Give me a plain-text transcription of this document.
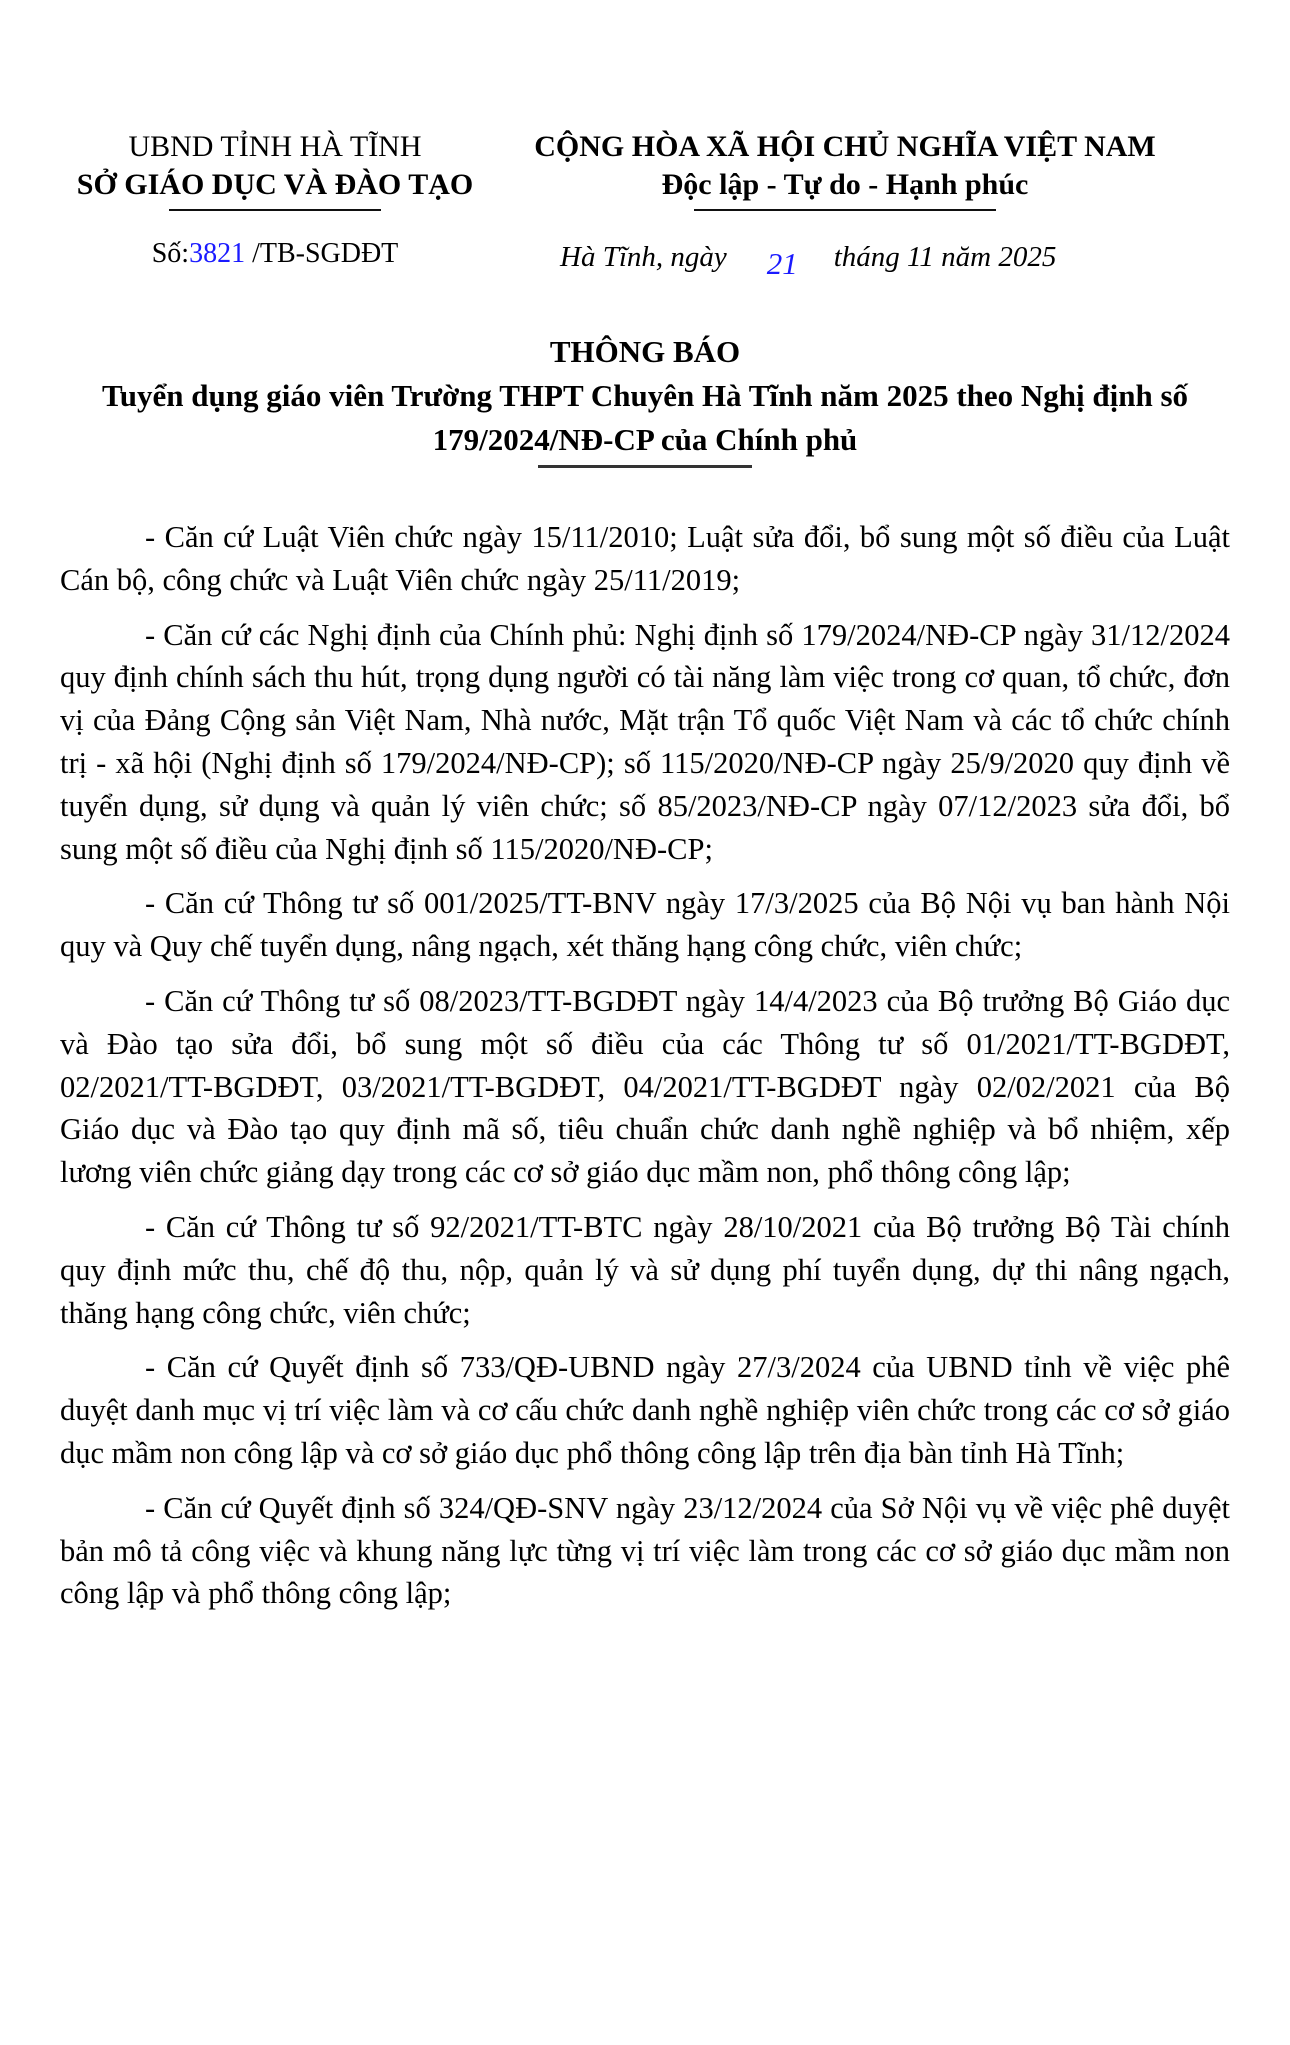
UBND TỈNH HÀ TĨNH
SỞ GIÁO DỤC VÀ ĐÀO TẠO
CỘNG HÒA XÃ HỘI CHỦ NGHĨA VIỆT NAM
Độc lập - Tự do - Hạnh phúc
Số:3821 /TB-SGDĐT	Hà Tĩnh, ngày 21 tháng 11 năm 2025
THÔNG BÁO
Tuyển dụng giáo viên Trường THPT Chuyên Hà Tĩnh năm 2025 theo Nghị định số 179/2024/NĐ-CP của Chính phủ

- Căn cứ Luật Viên chức ngày 15/11/2010; Luật sửa đổi, bổ sung một số điều của Luật Cán bộ, công chức và Luật Viên chức ngày 25/11/2019;

- Căn cứ các Nghị định của Chính phủ: Nghị định số 179/2024/NĐ-CP ngày 31/12/2024 quy định chính sách thu hút, trọng dụng người có tài năng làm việc trong cơ quan, tổ chức, đơn vị của Đảng Cộng sản Việt Nam, Nhà nước, Mặt trận Tổ quốc Việt Nam và các tổ chức chính trị - xã hội (Nghị định số 179/2024/NĐ-CP); số 115/2020/NĐ-CP ngày 25/9/2020 quy định về tuyển dụng, sử dụng và quản lý viên chức; số 85/2023/NĐ-CP ngày 07/12/2023 sửa đổi, bổ sung một số điều của Nghị định số 115/2020/NĐ-CP;

- Căn cứ Thông tư số 001/2025/TT-BNV ngày 17/3/2025 của Bộ Nội vụ ban hành Nội quy và Quy chế tuyển dụng, nâng ngạch, xét thăng hạng công chức, viên chức;

- Căn cứ Thông tư số 08/2023/TT-BGDĐT ngày 14/4/2023 của Bộ trưởng Bộ Giáo dục và Đào tạo sửa đổi, bổ sung một số điều của các Thông tư số 01/2021/TT-BGDĐT, 02/2021/TT-BGDĐT, 03/2021/TT-BGDĐT, 04/2021/TT-BGDĐT ngày 02/02/2021 của Bộ Giáo dục và Đào tạo quy định mã số, tiêu chuẩn chức danh nghề nghiệp và bổ nhiệm, xếp lương viên chức giảng dạy trong các cơ sở giáo dục mầm non, phổ thông công lập;

- Căn cứ Thông tư số 92/2021/TT-BTC ngày 28/10/2021 của Bộ trưởng Bộ Tài chính quy định mức thu, chế độ thu, nộp, quản lý và sử dụng phí tuyển dụng, dự thi nâng ngạch, thăng hạng công chức, viên chức;

- Căn cứ Quyết định số 733/QĐ-UBND ngày 27/3/2024 của UBND tỉnh về việc phê duyệt danh mục vị trí việc làm và cơ cấu chức danh nghề nghiệp viên chức trong các cơ sở giáo dục mầm non công lập và cơ sở giáo dục phổ thông công lập trên địa bàn tỉnh Hà Tĩnh;

- Căn cứ Quyết định số 324/QĐ-SNV ngày 23/12/2024 của Sở Nội vụ về việc phê duyệt bản mô tả công việc và khung năng lực từng vị trí việc làm trong các cơ sở giáo dục mầm non công lập và phổ thông công lập;
